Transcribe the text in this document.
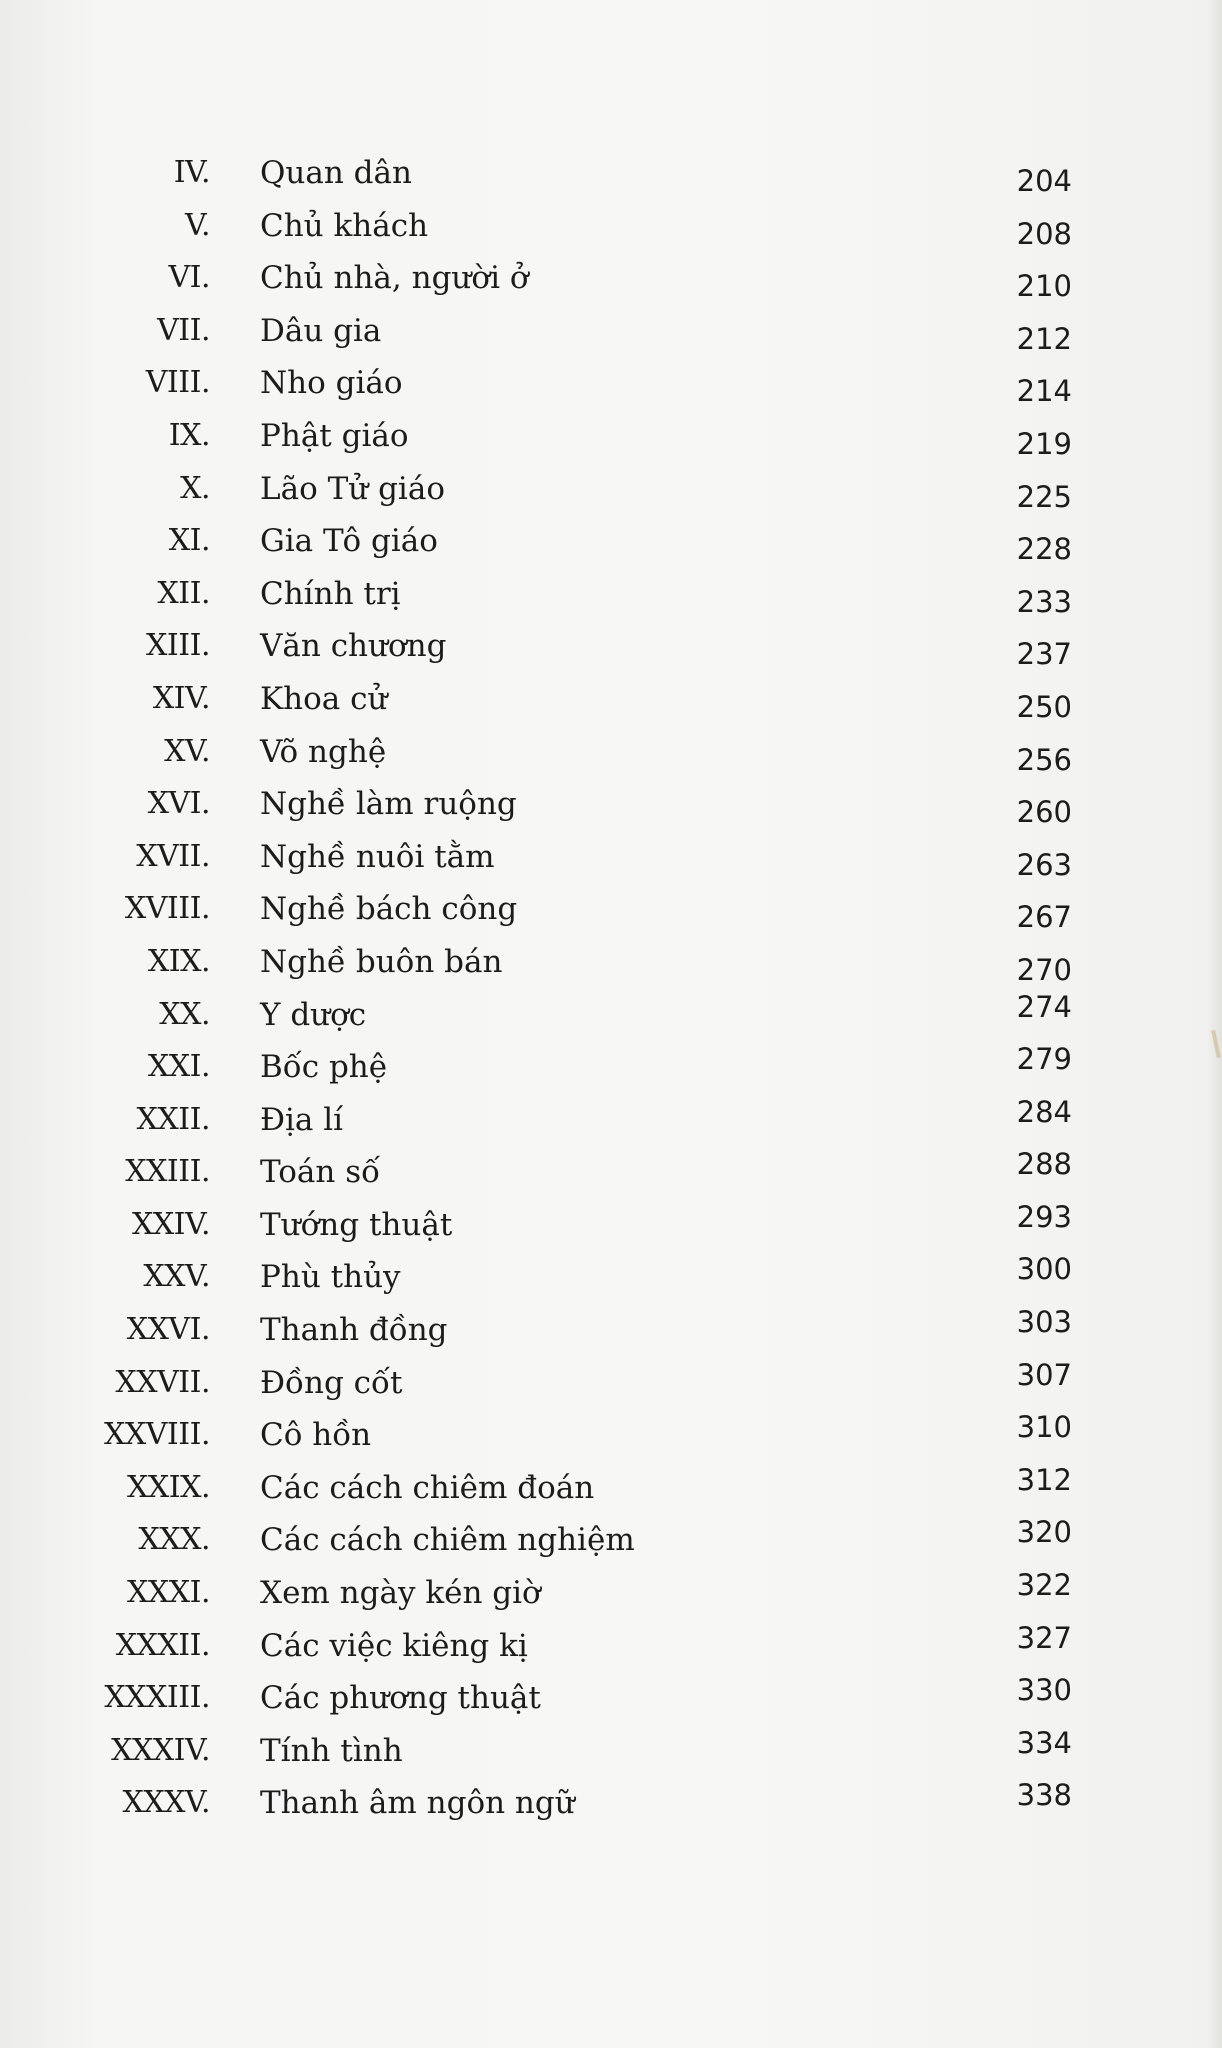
IV. Quan dân	204
V. Chủ khách	208
VI. Chủ nhà, người ở	210
VII. Dâu gia	212
VIII. Nho giáo	214
IX. Phật giáo	219
X. Lão Tử giáo	225
XI. Gia Tô giáo	228
XII. Chính trị	233
XIII. Văn chương	237
XIV. Khoa cử	250
XV. Võ nghệ	256
XVI. Nghề làm ruộng	260
XVII. Nghề nuôi tằm	263
XVIII. Nghề bách công	267
XIX. Nghề buôn bán	270
XX. Y dược	274
XXI. Bốc phệ	279
XXII. Địa lí	284
XXIII. Toán số	288
XXIV. Tướng thuật	293
XXV. Phù thủy	300
XXVI. Thanh đồng	303
XXVII. Đồng cốt	307
XXVIII. Cô hồn	310
XXIX. Các cách chiêm đoán	312
XXX. Các cách chiêm nghiệm	320
XXXI. Xem ngày kén giờ	322
XXXII. Các việc kiêng kị	327
XXXIII. Các phương thuật	330
XXXIV. Tính tình	334
XXXV. Thanh âm ngôn ngữ	338
